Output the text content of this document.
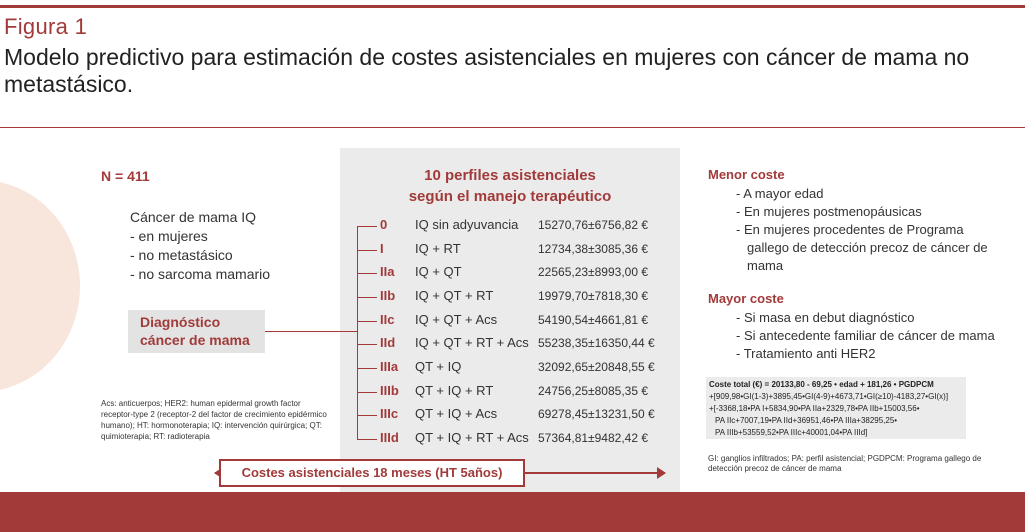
Figura 1
Modelo predictivo para estimación de costes asistenciales en mujeres con cáncer de mama no metastásico.
N = 411
Cáncer de mama IQ
- en mujeres
- no metastásico
- no sarcoma mamario
Diagnóstico cáncer de mama
Acs: anticuerpos; HER2: human epidermal growth factor receptor-type 2 (receptor-2 del factor de crecimiento epidérmico humano); HT: hormonoterapia; IQ: intervención quirúrgica; QT: quimioterapia; RT: radioterapia
10 perfiles asistenciales
según el manejo terapéutico
0 IQ sin adyuvancia 15270,76±6756,82 €
I IQ + RT	12734,38±3085,36 €
IIa IQ + QT	22565,23±8993,00 €
IIb IQ + QT + RT	19979,70±7818,30 €
IIc IQ + QT + Acs	54190,54±4661,81 €
IId IQ + QT + RT + Acs 55238,35±16350,44 €
IIIa QT + IQ	32092,65±20848,55 €
IIIb QT + IQ + RT	24756,25±8085,35 €
IIIc QT + IQ + Acs	69278,45±13231,50 €
IIId QT + IQ + RT + Acs 57364,81±9482,42 €
Costes asistenciales 18 meses (HT 5años)
Menor coste
- A mayor edad
- En mujeres postmenopáusicas
- En mujeres procedentes de Programa
gallego de detección precoz de cáncer de
mama
Mayor coste
- Si masa en debut diagnóstico
- Si antecedente familiar de cáncer de mama
- Tratamiento anti HER2
Coste total (€) = 20133,80 - 69,25 • edad + 181,26 • PGDPCM
+[909,98•GI(1-3)+3895,45•GI(4-9)+4673,71•GI(≥10)-4183,27•GI(x)]
+[-3368,18•PA I+5834,90•PA IIa+2329,78•PA IIb+15003,56•
PA IIc+7007,19•PA IId+36951,46•PA IIIa+38295,25•
PA IIIb+53559,52•PA IIIc+40001,04•PA IIId]
GI: ganglios infiltrados; PA: perfil asistencial; PGDPCM: Programa gallego de detección precoz de cáncer de mama
